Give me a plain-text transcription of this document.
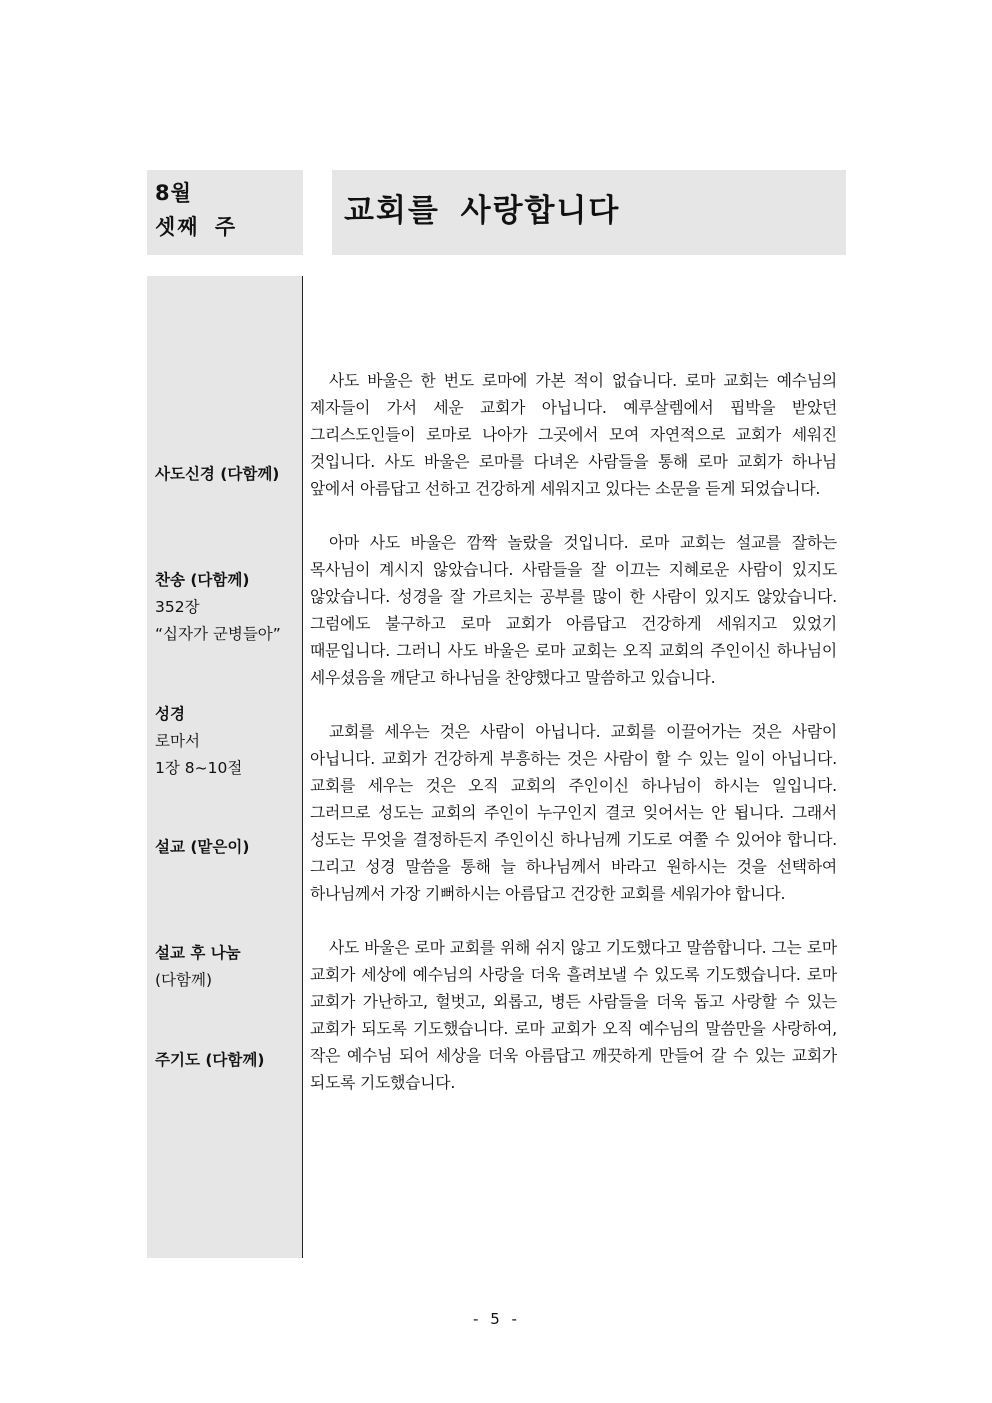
8월
셋째 주	교회를 사랑합니다
사도신경 (다함께)
찬송 (다함께)
352장
“십자가 군병들아”
성경
로마서
1장 8~10절
설교 (맡은이)
설교 후 나눔
(다함께)
주기도 (다함께)

사도 바울은 한 번도 로마에 가본 적이 없습니다. 로마 교회는 예수님의 제자들이 가서 세운 교회가 아닙니다. 예루살렘에서 핍박을 받았던 그리스도인들이 로마로 나아가 그곳에서 모여 자연적으로 교회가 세워진 것입니다. 사도 바울은 로마를 다녀온 사람들을 통해 로마 교회가 하나님 앞에서 아름답고 선하고 건강하게 세워지고 있다는 소문을 듣게 되었습니다.

아마 사도 바울은 깜짝 놀랐을 것입니다. 로마 교회는 설교를 잘하는 목사님이 계시지 않았습니다. 사람들을 잘 이끄는 지혜로운 사람이 있지도 않았습니다. 성경을 잘 가르치는 공부를 많이 한 사람이 있지도 않았습니다. 그럼에도 불구하고 로마 교회가 아름답고 건강하게 세워지고 있었기 때문입니다. 그러니 사도 바울은 로마 교회는 오직 교회의 주인이신 하나님이 세우셨음을 깨닫고 하나님을 찬양했다고 말씀하고 있습니다.

교회를 세우는 것은 사람이 아닙니다. 교회를 이끌어가는 것은 사람이 아닙니다. 교회가 건강하게 부흥하는 것은 사람이 할 수 있는 일이 아닙니다. 교회를 세우는 것은 오직 교회의 주인이신 하나님이 하시는 일입니다. 그러므로 성도는 교회의 주인이 누구인지 결코 잊어서는 안 됩니다. 그래서 성도는 무엇을 결정하든지 주인이신 하나님께 기도로 여쭐 수 있어야 합니다. 그리고 성경 말씀을 통해 늘 하나님께서 바라고 원하시는 것을 선택하여 하나님께서 가장 기뻐하시는 아름답고 건강한 교회를 세워가야 합니다.

사도 바울은 로마 교회를 위해 쉬지 않고 기도했다고 말씀합니다. 그는 로마 교회가 세상에 예수님의 사랑을 더욱 흘려보낼 수 있도록 기도했습니다. 로마 교회가 가난하고, 헐벗고, 외롭고, 병든 사람들을 더욱 돕고 사랑할 수 있는 교회가 되도록 기도했습니다. 로마 교회가 오직 예수님의 말씀만을 사랑하여, 작은 예수님 되어 세상을 더욱 아름답고 깨끗하게 만들어 갈 수 있는 교회가 되도록 기도했습니다.

- 5 -
